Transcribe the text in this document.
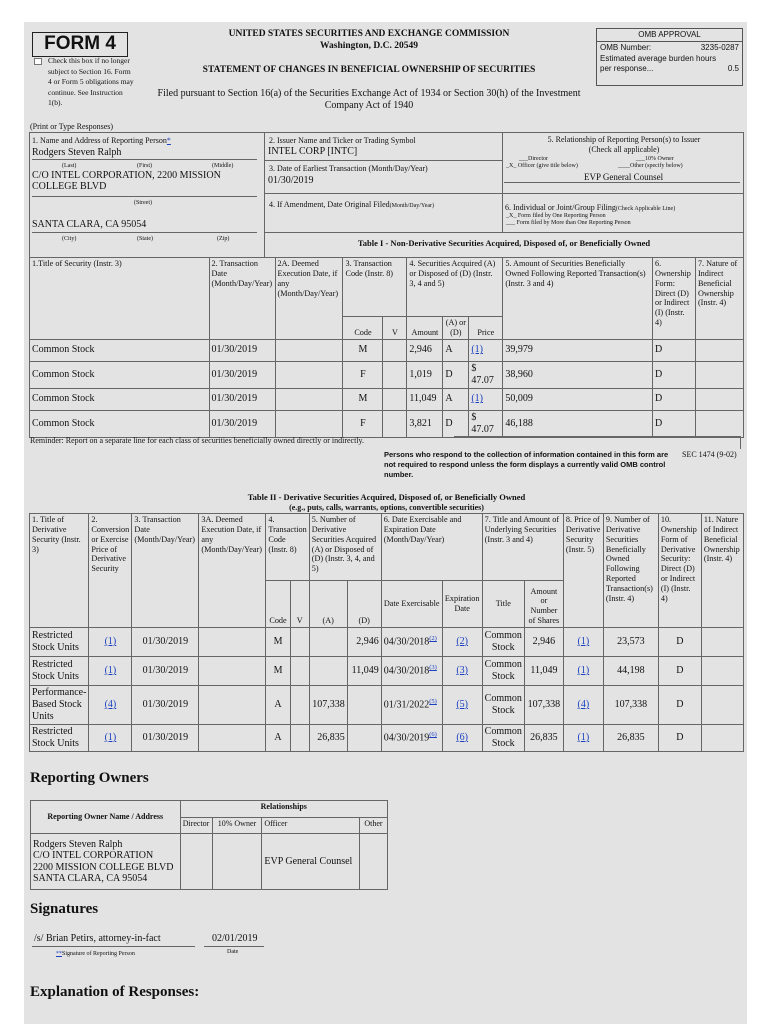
FORM 4
Check this box if no longer subject to Section 16. Form 4 or Form 5 obligations may continue. See Instruction 1(b).
UNITED STATES SECURITIES AND EXCHANGE COMMISSION
Washington, D.C. 20549
STATEMENT OF CHANGES IN BENEFICIAL OWNERSHIP OF SECURITIES
Filed pursuant to Section 16(a) of the Securities Exchange Act of 1934 or Section 30(h) of the Investment Company Act of 1940
OMB APPROVAL
OMB Number:	3235-0287
Estimated average burden hours per response...	0.5
(Print or Type Responses)
1. Name and Address of Reporting Person*
Rodgers Steven Ralph
(Last)	(First)	(Middle)
C/O INTEL CORPORATION, 2200 MISSION COLLEGE BLVD
(Street)
SANTA CLARA, CA 95054
(City)	(State)	(Zip)
2. Issuer Name and Ticker or Trading Symbol
INTEL CORP [INTC]
3. Date of Earliest Transaction (Month/Day/Year)
01/30/2019
4. If Amendment, Date Original Filed(Month/Day/Year)
5. Relationship of Reporting Person(s) to Issuer
(Check all applicable)
___Director	___10% Owner
_X_ Officer (give title below)	____Other (specify below)
EVP General Counsel
6. Individual or Joint/Group Filing(Check Applicable Line)
_X_ Form filed by One Reporting Person
___ Form filed by More than One Reporting Person
Table I - Non-Derivative Securities Acquired, Disposed of, or Beneficially Owned
1.Title of Security (Instr. 3)	2. Transaction Date (Month/Day/Year)	2A. Deemed Execution Date, if any (Month/Day/Year)	3. Transaction Code (Instr. 8)		4. Securities Acquired (A) or Disposed of (D) (Instr. 3, 4 and 5)			5. Amount of Securities Beneficially Owned Following Reported Transaction(s) (Instr. 3 and 4)	6. Ownership Form: Direct (D) or Indirect (I) (Instr. 4)	7. Nature of Indirect Beneficial Ownership (Instr. 4)
			Code	V	Amount	(A) or (D)	Price			
Common Stock	01/30/2019		M		2,946	A	(1)	39,979	D	
Common Stock	01/30/2019		F		1,019	D	$ 47.07	38,960	D	
Common Stock	01/30/2019		M		11,049	A	(1)	50,009	D	
Common Stock	01/30/2019		F		3,821	D	$ 47.07	46,188	D	
Reminder: Report on a separate line for each class of securities beneficially owned directly or indirectly.
Persons who respond to the collection of information contained in this form are not required to respond unless the form displays a currently valid OMB control number.
SEC 1474 (9-02)
Table II - Derivative Securities Acquired, Disposed of, or Beneficially Owned
(e.g., puts, calls, warrants, options, convertible securities)
1. Title of Derivative Security (Instr. 3)	2. Conversion or Exercise Price of Derivative Security	3. Transaction Date (Month/Day/Year)	3A. Deemed Execution Date, if any (Month/Day/Year)	4. Transaction Code (Instr. 8)		5. Number of Derivative Securities Acquired (A) or Disposed of (D) (Instr. 3, 4, and 5)		6. Date Exercisable and Expiration Date (Month/Day/Year)		7. Title and Amount of Underlying Securities (Instr. 3 and 4)		8. Price of Derivative Security (Instr. 5)	9. Number of Derivative Securities Beneficially Owned Following Reported Transaction(s) (Instr. 4)	10. Ownership Form of Derivative Security: Direct (D) or Indirect (I) (Instr. 4)	11. Nature of Indirect Beneficial Ownership (Instr. 4)
				Code	V	(A)	(D)	Date Exercisable	Expiration Date	Title	Amount or Number of Shares				
Restricted Stock Units	(1)	01/30/2019		M			2,946	04/30/2018$^{(2)}$	(2)	Common Stock	2,946	(1)	23,573	D	
Restricted Stock Units	(1)	01/30/2019		M			11,049	04/30/2018$^{(3)}$	(3)	Common Stock	11,049	(1)	44,198	D	
Performance-Based Stock Units	(4)	01/30/2019		A		107,338		01/31/2022$^{(5)}$	(5)	Common Stock	107,338	(4)	107,338	D	
Restricted Stock Units	(1)	01/30/2019		A		26,835		04/30/2019$^{(6)}$	(6)	Common Stock	26,835	(1)	26,835	D	
Reporting Owners
Reporting Owner Name / Address	Relationships			
	Director	10% Owner	Officer	Other

Rodgers Steven Ralph
C/O INTEL CORPORATION
2200 MISSION COLLEGE BLVD
SANTA CLARA, CA 95054			EVP General Counsel	
Signatures
/s/ Brian Petirs, attorney-in-fact
**Signature of Reporting Person
02/01/2019
Date
Explanation of Responses:
